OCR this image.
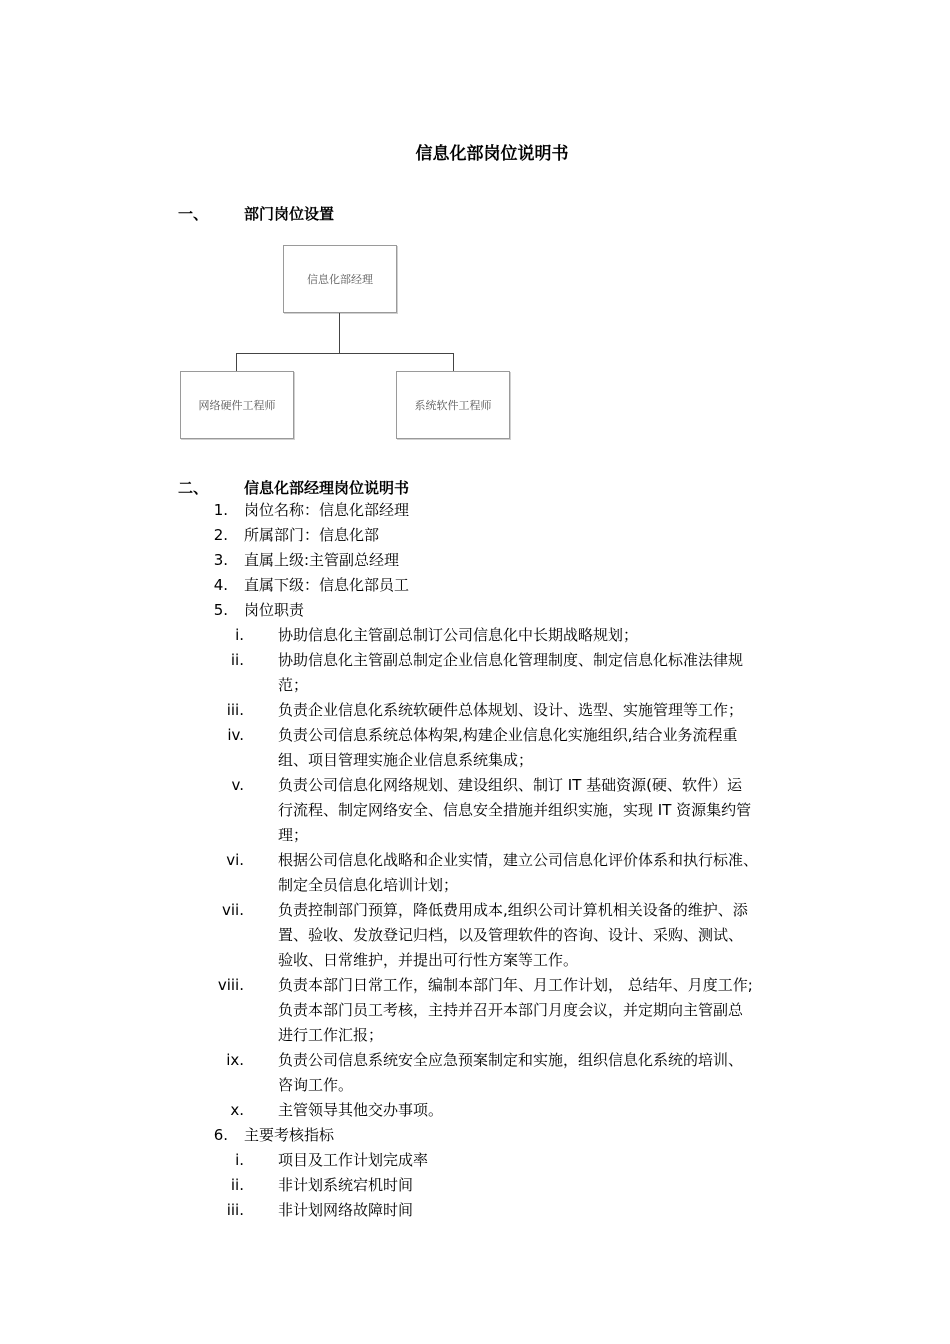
信息化部岗位说明书
一、 部门岗位设置
信息化部经理
网络硬件工程师	系统软件工程师
二、 信息化部经理岗位说明书
1. 岗位名称：信息化部经理
2. 所属部门：信息化部
3. 直属上级:主管副总经理
4. 直属下级：信息化部员工
5. 岗位职责
i. 协助信息化主管副总制订公司信息化中长期战略规划；
ii. 协助信息化主管副总制定企业信息化管理制度、制定信息化标准法律规
范；
iii. 负责企业信息化系统软硬件总体规划、设计、选型、实施管理等工作；
iv. 负责公司信息系统总体构架,构建企业信息化实施组织,结合业务流程重
组、项目管理实施企业信息系统集成；
v. 负责公司信息化网络规划、建设组织、制订 IT 基础资源(硬、软件）运
行流程、制定网络安全、信息安全措施并组织实施，实现 IT 资源集约管
理；
vi. 根据公司信息化战略和企业实情，建立公司信息化评价体系和执行标准、
制定全员信息化培训计划；
vii. 负责控制部门预算，降低费用成本,组织公司计算机相关设备的维护、添
置、验收、发放登记归档，以及管理软件的咨询、设计、采购、测试、
验收、日常维护，并提出可行性方案等工作。
viii. 负责本部门日常工作，编制本部门年、月工作计划， 总结年、月度工作;
负责本部门员工考核，主持并召开本部门月度会议，并定期向主管副总
进行工作汇报；
ix. 负责公司信息系统安全应急预案制定和实施，组织信息化系统的培训、
咨询工作。
x. 主管领导其他交办事项。
6. 主要考核指标
i. 项目及工作计划完成率
ii. 非计划系统宕机时间
iii. 非计划网络故障时间
